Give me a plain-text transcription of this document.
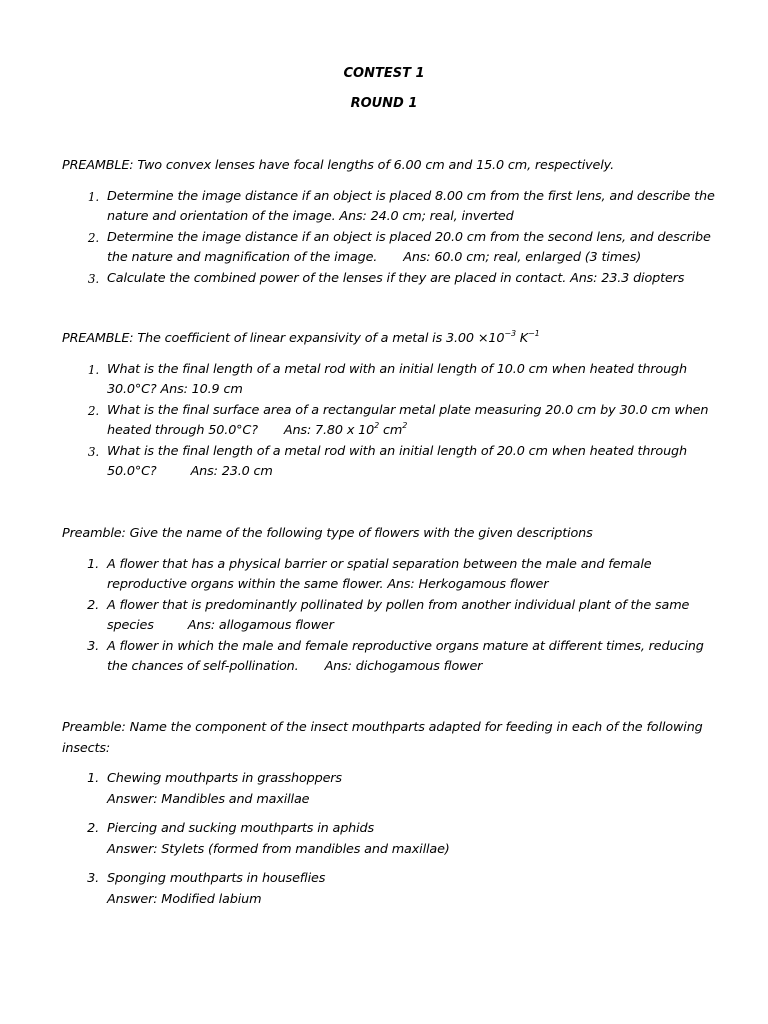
CONTEST 1
ROUND 1

PREAMBLE: Two convex lenses have focal lengths of 6.00 cm and 15.0 cm, respectively.

1. Determine the image distance if an object is placed 8.00 cm from the first lens, and describe the nature and orientation of the image. Ans: 24.0 cm; real, inverted
2. Determine the image distance if an object is placed 20.0 cm from the second lens, and describe the nature and magnification of the image. Ans: 60.0 cm; real, enlarged (3 times)
3. Calculate the combined power of the lenses if they are placed in contact. Ans: 23.3 diopters

PREAMBLE: The coefficient of linear expansivity of a metal is $3.00 \times 10^{-3}$ $K^{-1}$

1. What is the final length of a metal rod with an initial length of 10.0 cm when heated through 30.0°C? Ans: 10.9 cm
2. What is the final surface area of a rectangular metal plate measuring 20.0 cm by 30.0 cm when heated through 50.0°C? Ans: 7.80 x $10^2$ $cm^2$
3. What is the final length of a metal rod with an initial length of 20.0 cm when heated through 50.0°C?	Ans: 23.0 cm

Preamble: Give the name of the following type of flowers with the given descriptions

1. A flower that has a physical barrier or spatial separation between the male and female reproductive organs within the same flower. Ans: Herkogamous flower
2. A flower that is predominantly pollinated by pollen from another individual plant of the same species	Ans: allogamous flower
3. A flower in which the male and female reproductive organs mature at different times, reducing the chances of self-pollination. Ans: dichogamous flower

Preamble: Name the component of the insect mouthparts adapted for feeding in each of the following insects:

1. Chewing mouthparts in grasshoppers
Answer: Mandibles and maxillae
2. Piercing and sucking mouthparts in aphids
Answer: Stylets (formed from mandibles and maxillae)
3. Sponging mouthparts in houseflies
Answer: Modified labium
